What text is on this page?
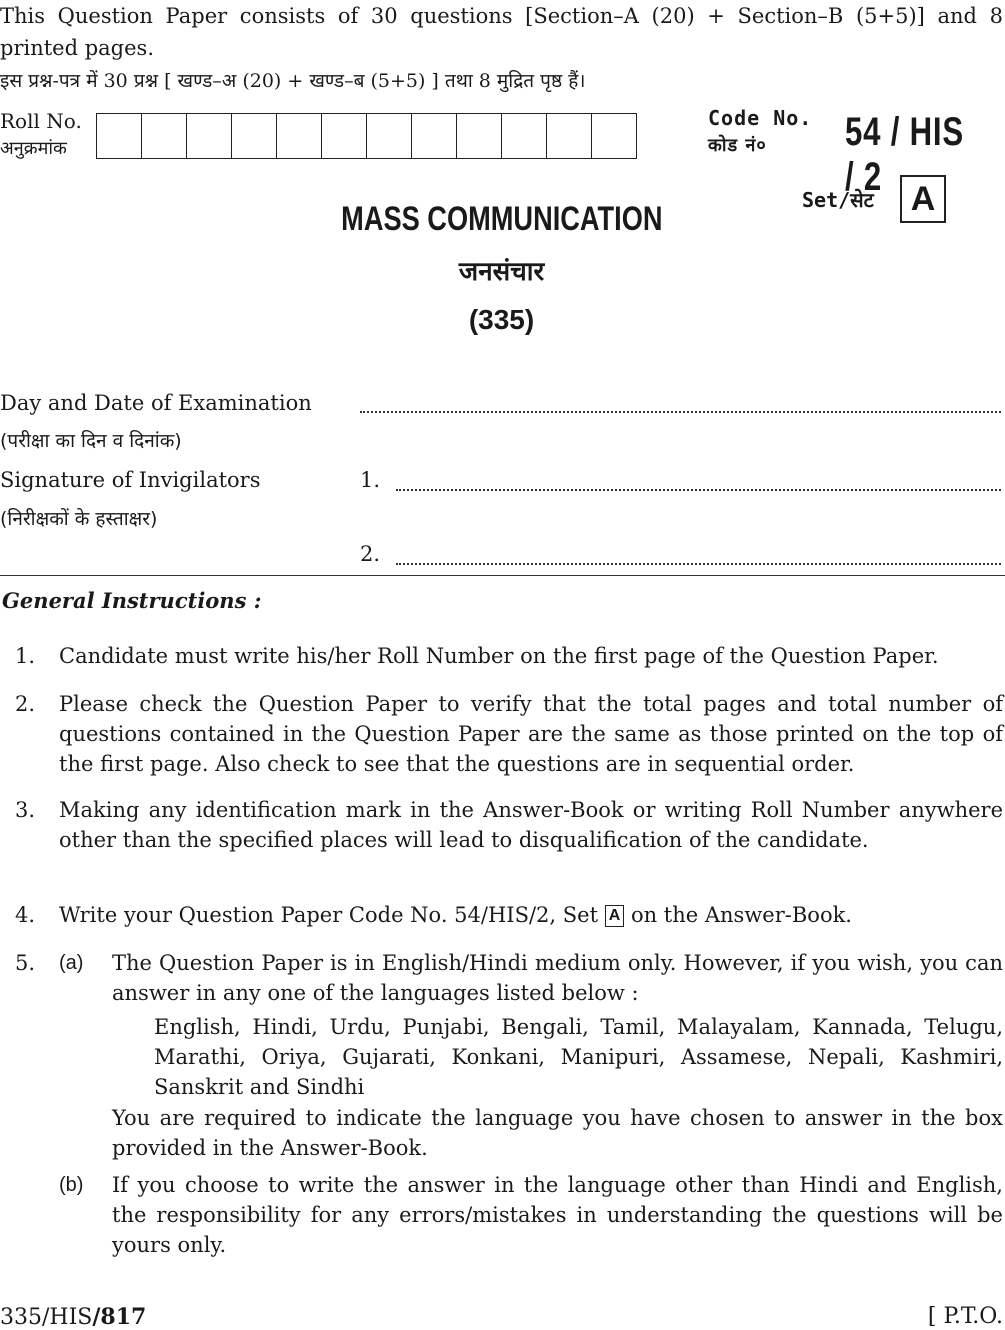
This Question Paper consists of 30 questions [Section–A (20) + Section–B (5+5)] and 8 printed pages.
इस प्रश्न-पत्र में 30 प्रश्न [ खण्ड–अ (20) + खण्ड–ब (5+5) ] तथा 8 मुद्रित पृष्ठ हैं।
Roll No.
अनुक्रमांक
Code No.
कोड नं०	54 / HIS / 2
Set/सेट	A
MASS COMMUNICATION
जनसंचार
(335)
Day and Date of Examination
(परीक्षा का दिन व दिनांक)
Signature of Invigilators	1.
(निरीक्षकों के हस्ताक्षर)
2.
General Instructions :
1. Candidate must write his/her Roll Number on the first page of the Question Paper.
2. Please check the Question Paper to verify that the total pages and total number of questions contained in the Question Paper are the same as those printed on the top of the first page. Also check to see that the questions are in sequential order.
3. Making any identification mark in the Answer-Book or writing Roll Number anywhere other than the specified places will lead to disqualification of the candidate.
4. Write your Question Paper Code No. 54/HIS/2, Set A on the Answer-Book.
5. (a) The Question Paper is in English/Hindi medium only. However, if you wish, you can answer in any one of the languages listed below :
English, Hindi, Urdu, Punjabi, Bengali, Tamil, Malayalam, Kannada, Telugu, Marathi, Oriya, Gujarati, Konkani, Manipuri, Assamese, Nepali, Kashmiri, Sanskrit and Sindhi
You are required to indicate the language you have chosen to answer in the box provided in the Answer-Book.
(b) If you choose to write the answer in the language other than Hindi and English, the responsibility for any errors/mistakes in understanding the questions will be yours only.
335/HIS/817	[ P.T.O.
